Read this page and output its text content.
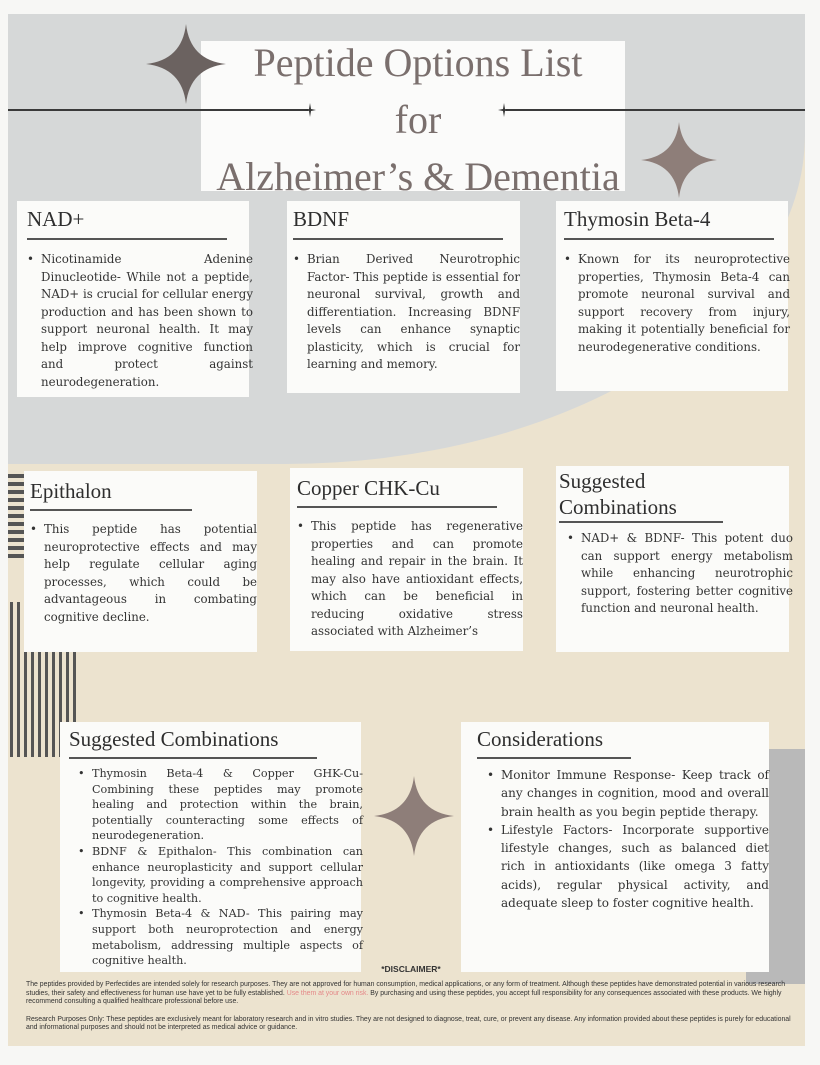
Peptide Options List
for
Alzheimer’s & Dementia
NAD+
• Nicotinamide Adenine Dinucleotide- While not a peptide, NAD+ is crucial for cellular energy production and has been shown to support neuronal health. It may help improve cognitive function and protect against neurodegeneration.
BDNF
• Brian Derived Neurotrophic Factor- This peptide is essential for neuronal survival, growth and differentiation. Increasing BDNF levels can enhance synaptic plasticity, which is crucial for learning and memory.
Thymosin Beta-4
• Known for its neuroprotective properties, Thymosin Beta-4 can promote neuronal survival and support recovery from injury, making it potentially beneficial for neurodegenerative conditions.
Epithalon
• This peptide has potential neuroprotective effects and may help regulate cellular aging processes, which could be advantageous in combating cognitive decline.
Copper CHK-Cu
• This peptide has regenerative properties and can promote healing and repair in the brain. It may also have antioxidant effects, which can be beneficial in reducing oxidative stress associated with Alzheimer’s
Suggested
Combinations
• NAD+ & BDNF- This potent duo can support energy metabolism while enhancing neurotrophic support, fostering better cognitive function and neuronal health.
Suggested Combinations
• Thymosin Beta-4 & Copper GHK-Cu- Combining these peptides may promote healing and protection within the brain, potentially counteracting some effects of neurodegeneration.
• BDNF & Epithalon- This combination can enhance neuroplasticity and support cellular longevity, providing a comprehensive approach to cognitive health.
• Thymosin Beta-4 & NAD- This pairing may support both neuroprotection and energy metabolism, addressing multiple aspects of cognitive health.
Considerations
• Monitor Immune Response- Keep track of any changes in cognition, mood and overall brain health as you begin peptide therapy.
• Lifestyle Factors- Incorporate supportive lifestyle changes, such as balanced diet rich in antioxidants (like omega 3 fatty acids), regular physical activity, and adequate sleep to foster cognitive health.
*DISCLAIMER*

The peptides provided by Perfectides are intended solely for research purposes. They are not approved for human consumption, medical applications, or any form of treatment. Although these peptides have demonstrated potential in various research studies, their safety and effectiveness for human use have yet to be fully established. Use them at your own risk. By purchasing and using these peptides, you accept full responsibility for any consequences associated with these products. We highly recommend consulting a qualified healthcare professional before use.

Research Purposes Only: These peptides are exclusively meant for laboratory research and in vitro studies. They are not designed to diagnose, treat, cure, or prevent any disease. Any information provided about these peptides is purely for educational and informational purposes and should not be interpreted as medical advice or guidance.
